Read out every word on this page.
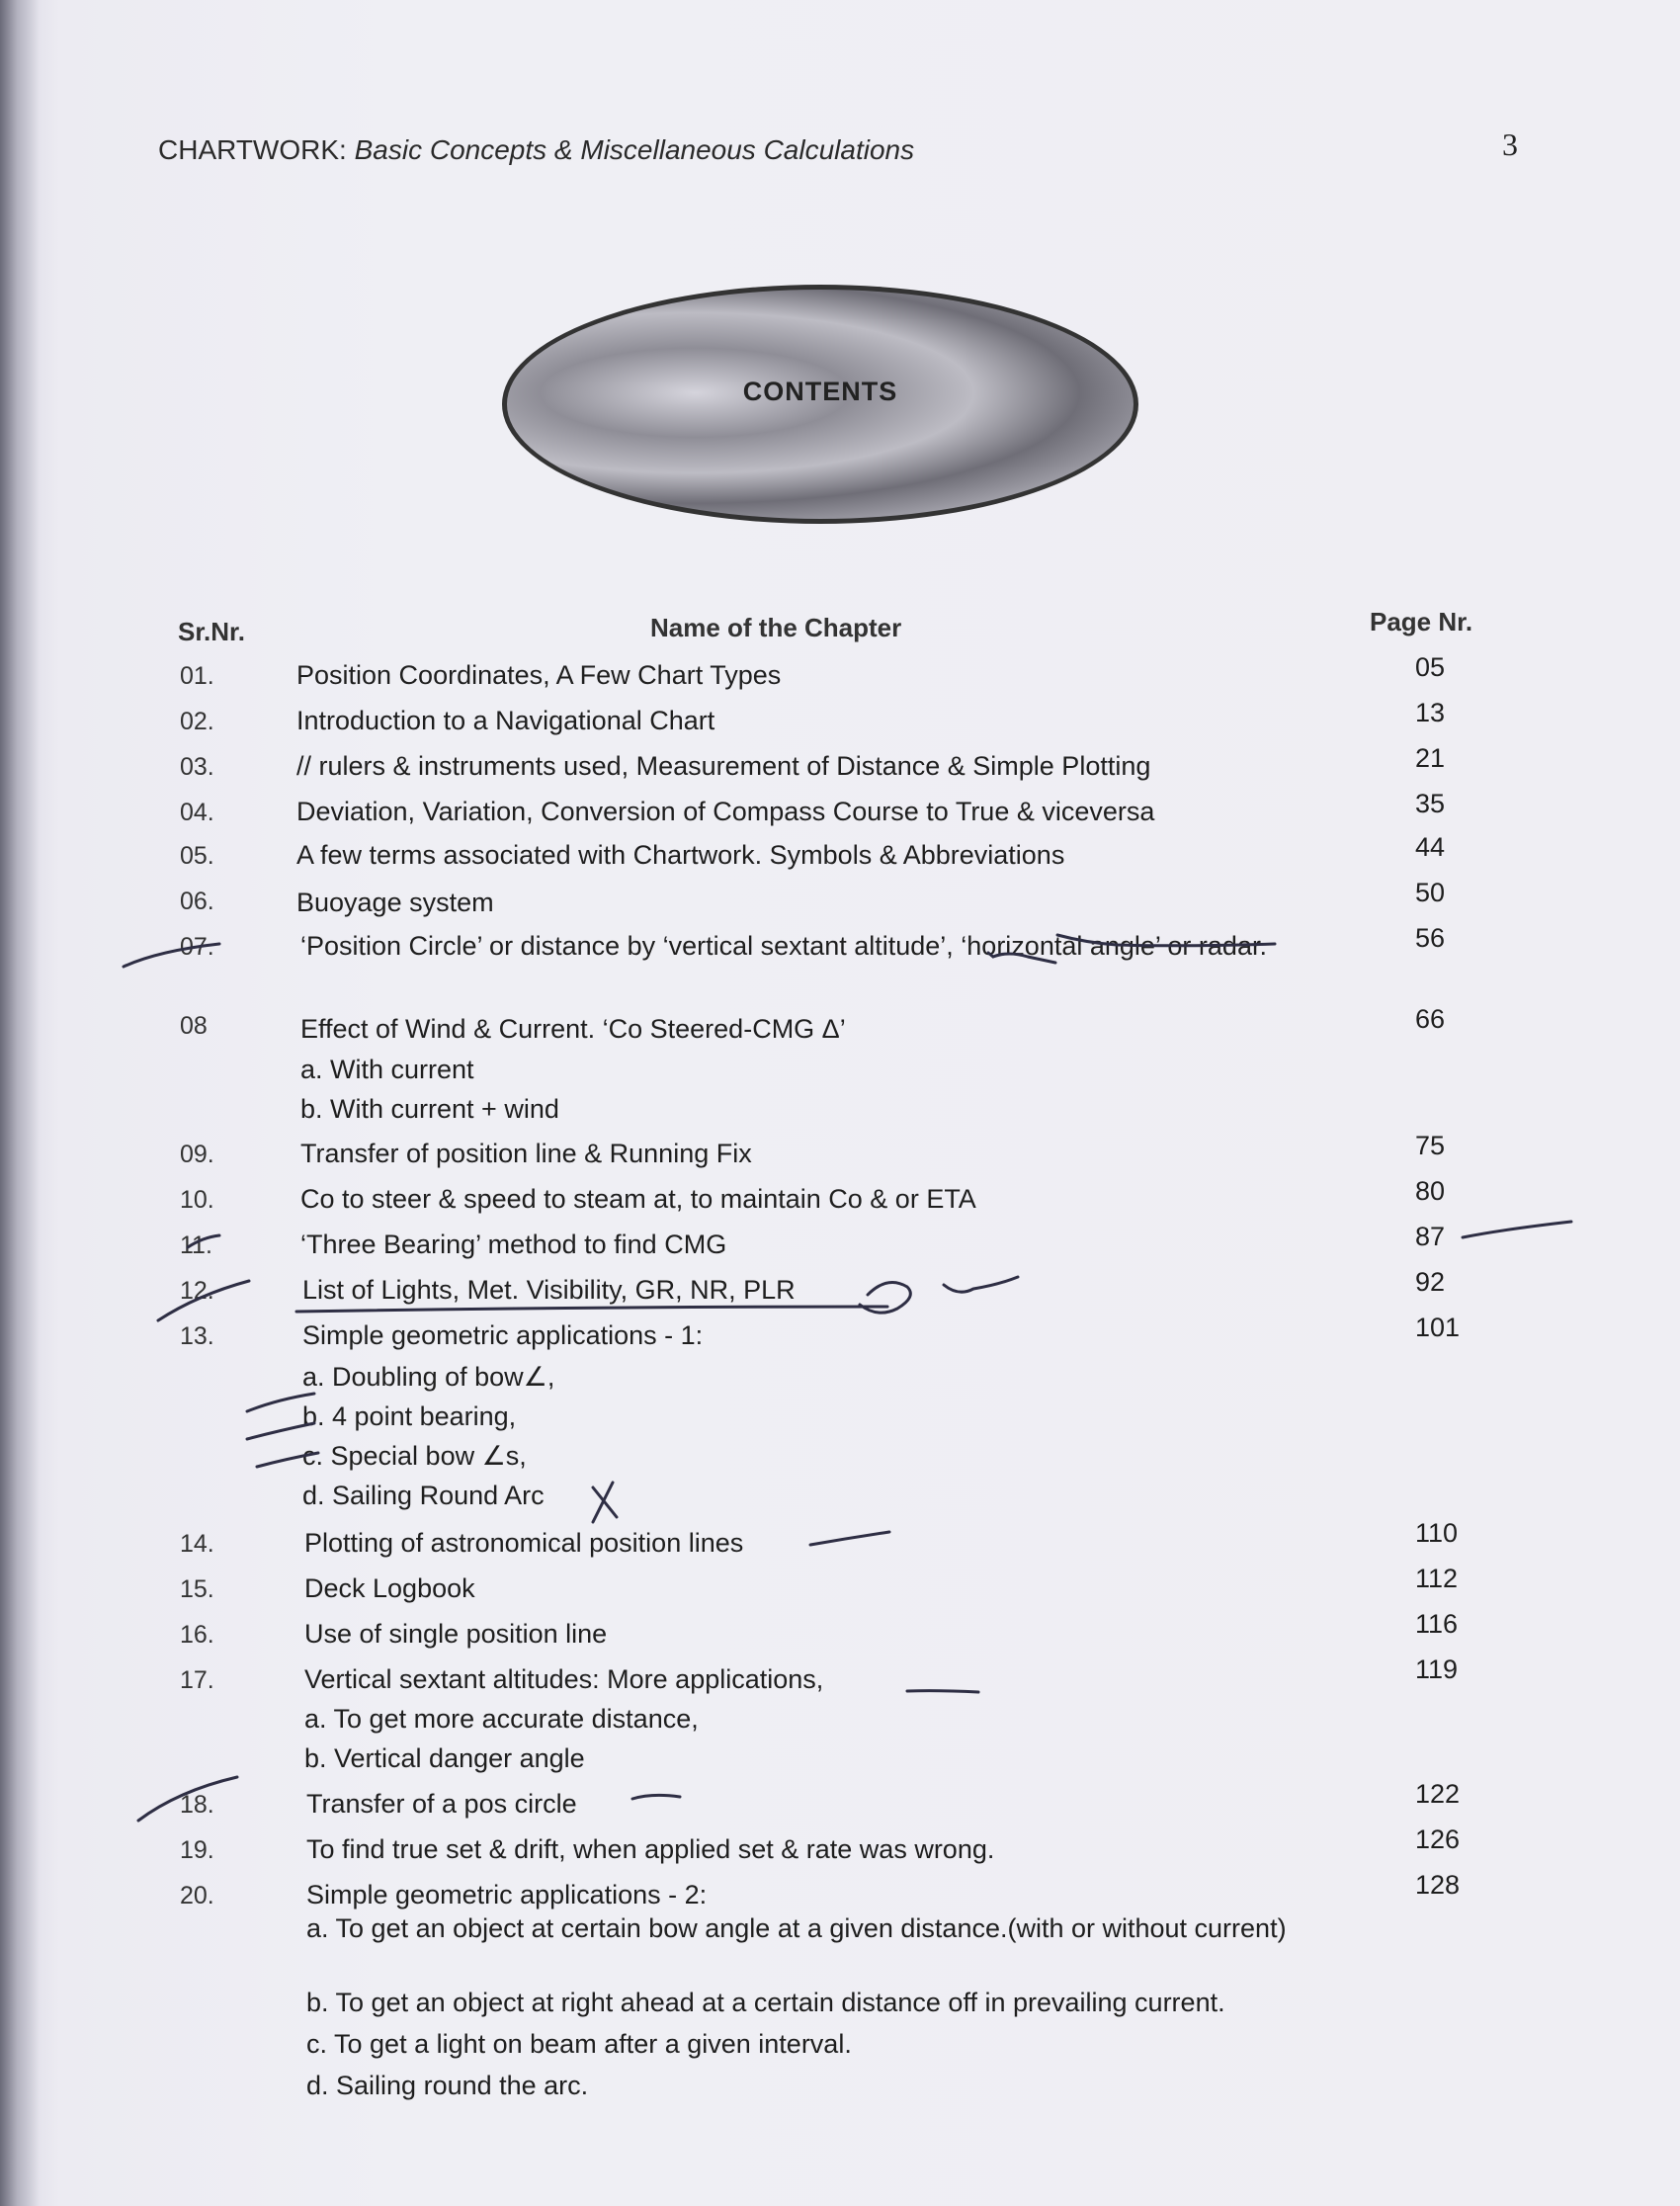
CHARTWORK: Basic Concepts & Miscellaneous Calculations	3
CONTENTS
Sr.Nr.	Name of the Chapter	Page Nr.
01.	Position Coordinates, A Few Chart Types	05
02.	Introduction to a Navigational Chart	13
03.	// rulers & instruments used, Measurement of Distance & Simple Plotting	21
04.	Deviation, Variation, Conversion of Compass Course to True & viceversa	35
05.	A few terms associated with Chartwork. Symbols & Abbreviations	44
06.	Buoyage system	50
07.	‘Position Circle’ or distance by ‘vertical sextant altitude’, ‘horizontal angle’ or radar.	56
08	Effect of Wind & Current. ‘Co Steered-CMG Δ’	66
a. With current
b. With current + wind
09.	Transfer of position line & Running Fix	75
10.	Co to steer & speed to steam at, to maintain Co & or ETA	80
11.	‘Three Bearing’ method to find CMG	87
12.	List of Lights, Met. Visibility, GR, NR, PLR	92
13.	Simple geometric applications - 1:	101
a. Doubling of bow∠,
b. 4 point bearing,
c. Special bow ∠s,
d. Sailing Round Arc
14.	Plotting of astronomical position lines	110
15.	Deck Logbook	112
16.	Use of single position line	116
17.	Vertical sextant altitudes: More applications,	119
a. To get more accurate distance,
b. Vertical danger angle
18.	Transfer of a pos circle	122
19.	To find true set & drift, when applied set & rate was wrong.	126
20.	Simple geometric applications - 2:	128
a. To get an object at certain bow angle at a given distance.(with or without current)
b. To get an object at right ahead at a certain distance off in prevailing current.
c. To get a light on beam after a given interval.
d. Sailing round the arc.
